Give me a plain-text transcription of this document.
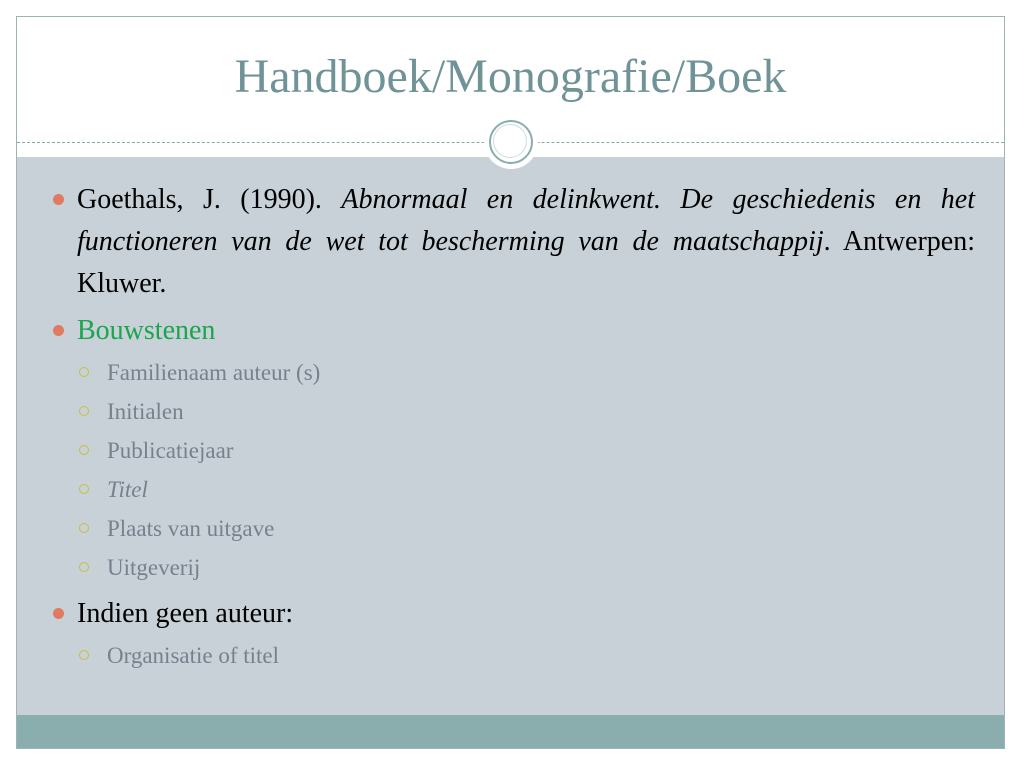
Handboek/Monografie/Boek
Goethals, J. (1990). Abnormaal en delinkwent. De geschiedenis en het functioneren van de wet tot bescherming van de maatschappij. Antwerpen: Kluwer.
Bouwstenen
Familienaam auteur (s)
Initialen
Publicatiejaar
Titel
Plaats van uitgave
Uitgeverij
Indien geen auteur:
Organisatie of titel
